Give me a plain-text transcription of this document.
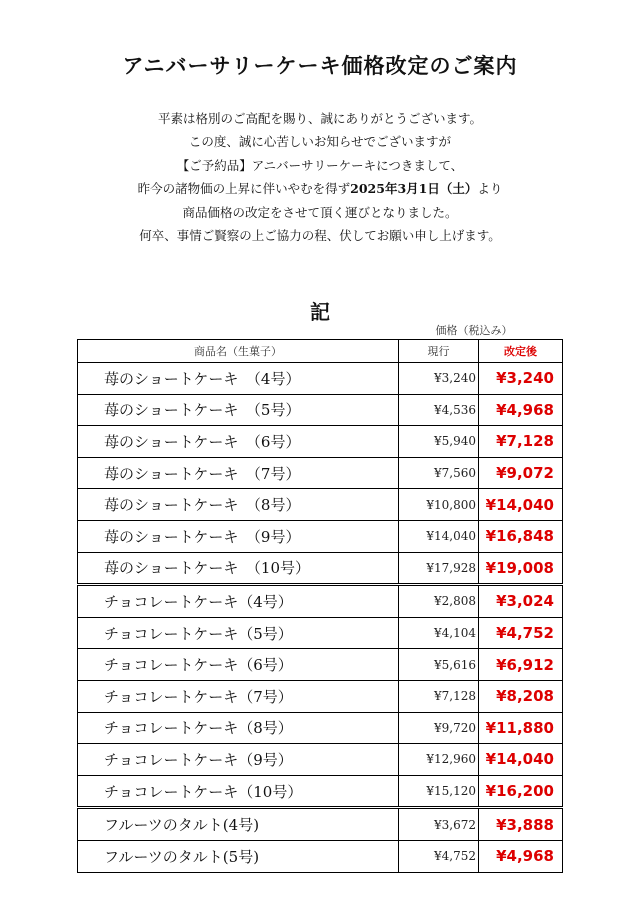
アニバーサリーケーキ価格改定のご案内
平素は格別のご高配を賜り、誠にありがとうございます。
この度、誠に心苦しいお知らせでございますが
【ご予約品】アニバーサリーケーキにつきまして、
昨今の諸物価の上昇に伴いやむを得ず2025年3月1日（土）より
商品価格の改定をさせて頂く運びとなりました。
何卒、事情ご賢察の上ご協力の程、伏してお願い申し上げます。
記
価格（税込み）
商品名（生菓子）	現行	改定後
苺のショートケーキ　（4号）	¥3,240	¥3,240
苺のショートケーキ　（5号）	¥4,536	¥4,968
苺のショートケーキ　（6号）	¥5,940	¥7,128
苺のショートケーキ　（7号）	¥7,560	¥9,072
苺のショートケーキ　（8号）	¥10,800	¥14,040
苺のショートケーキ　（9号）	¥14,040	¥16,848
苺のショートケーキ　（10号）	¥17,928	¥19,008
チョコレートケーキ（4号）	¥2,808	¥3,024
チョコレートケーキ（5号）	¥4,104	¥4,752
チョコレートケーキ（6号）	¥5,616	¥6,912
チョコレートケーキ（7号）	¥7,128	¥8,208
チョコレートケーキ（8号）	¥9,720	¥11,880
チョコレートケーキ（9号）	¥12,960	¥14,040
チョコレートケーキ（10号）	¥15,120	¥16,200
フルーツのタルト(4号)	¥3,672	¥3,888
フルーツのタルト(5号)	¥4,752	¥4,968
